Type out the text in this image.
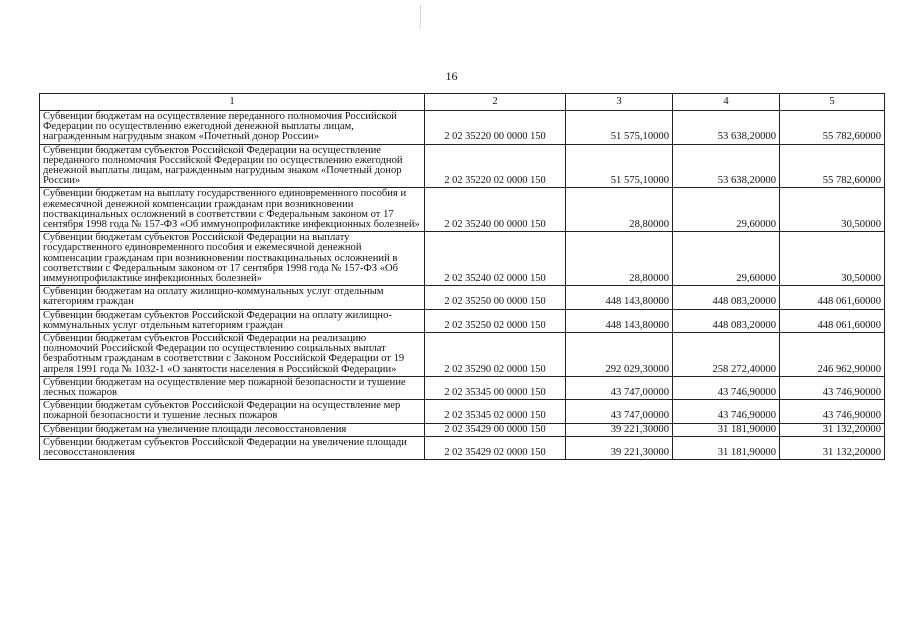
16
1	2	3	4	5
Субвенции бюджетам на осуществление переданного полномочия Российской Федерации по осуществлению ежегодной денежной выплаты лицам, награжденным нагрудным знаком «Почетный донор России»	2 02 35220 00 0000 150	51 575,10000	53 638,20000	55 782,60000
Субвенции бюджетам субъектов Российской Федерации на осуществление переданного полномочия Российской Федерации по осуществлению ежегодной денежной выплаты лицам, награжденным нагрудным знаком «Почетный донор России»	2 02 35220 02 0000 150	51 575,10000	53 638,20000	55 782,60000
Субвенции бюджетам на выплату государственного единовременного пособия и ежемесячной денежной компенсации гражданам при возникновении поствакцинальных осложнений в соответствии с Федеральным законом от 17 сентября 1998 года № 157-ФЗ «Об иммунопрофилактике инфекционных болезней»	2 02 35240 00 0000 150	28,80000	29,60000	30,50000
Субвенции бюджетам субъектов Российской Федерации на выплату государственного единовременного пособия и ежемесячной денежной компенсации гражданам при возникновении поствакцинальных осложнений в соответствии с Федеральным законом от 17 сентября 1998 года № 157-ФЗ «Об иммунопрофилактике инфекционных болезней»	2 02 35240 02 0000 150	28,80000	29,60000	30,50000
Субвенции бюджетам на оплату жилищно-коммунальных услуг отдельным категориям граждан	2 02 35250 00 0000 150	448 143,80000	448 083,20000	448 061,60000
Субвенции бюджетам субъектов Российской Федерации на оплату жилищно-коммунальных услуг отдельным категориям граждан	2 02 35250 02 0000 150	448 143,80000	448 083,20000	448 061,60000
Субвенции бюджетам субъектов Российской Федерации на реализацию полномочий Российской Федерации по осуществлению социальных выплат безработным гражданам в соответствии с Законом Российской Федерации от 19 апреля 1991 года № 1032-1 «О занятости населения в Российской Федерации»	2 02 35290 02 0000 150	292 029,30000	258 272,40000	246 962,90000
Субвенции бюджетам на осуществление мер пожарной безопасности и тушение лесных пожаров	2 02 35345 00 0000 150	43 747,00000	43 746,90000	43 746,90000
Субвенции бюджетам субъектов Российской Федерации на осуществление мер пожарной безопасности и тушение лесных пожаров	2 02 35345 02 0000 150	43 747,00000	43 746,90000	43 746,90000
Субвенции бюджетам на увеличение площади лесовосстановления	2 02 35429 00 0000 150	39 221,30000	31 181,90000	31 132,20000
Субвенции бюджетам субъектов Российской Федерации на увеличение площади лесовосстановления	2 02 35429 02 0000 150	39 221,30000	31 181,90000	31 132,20000
